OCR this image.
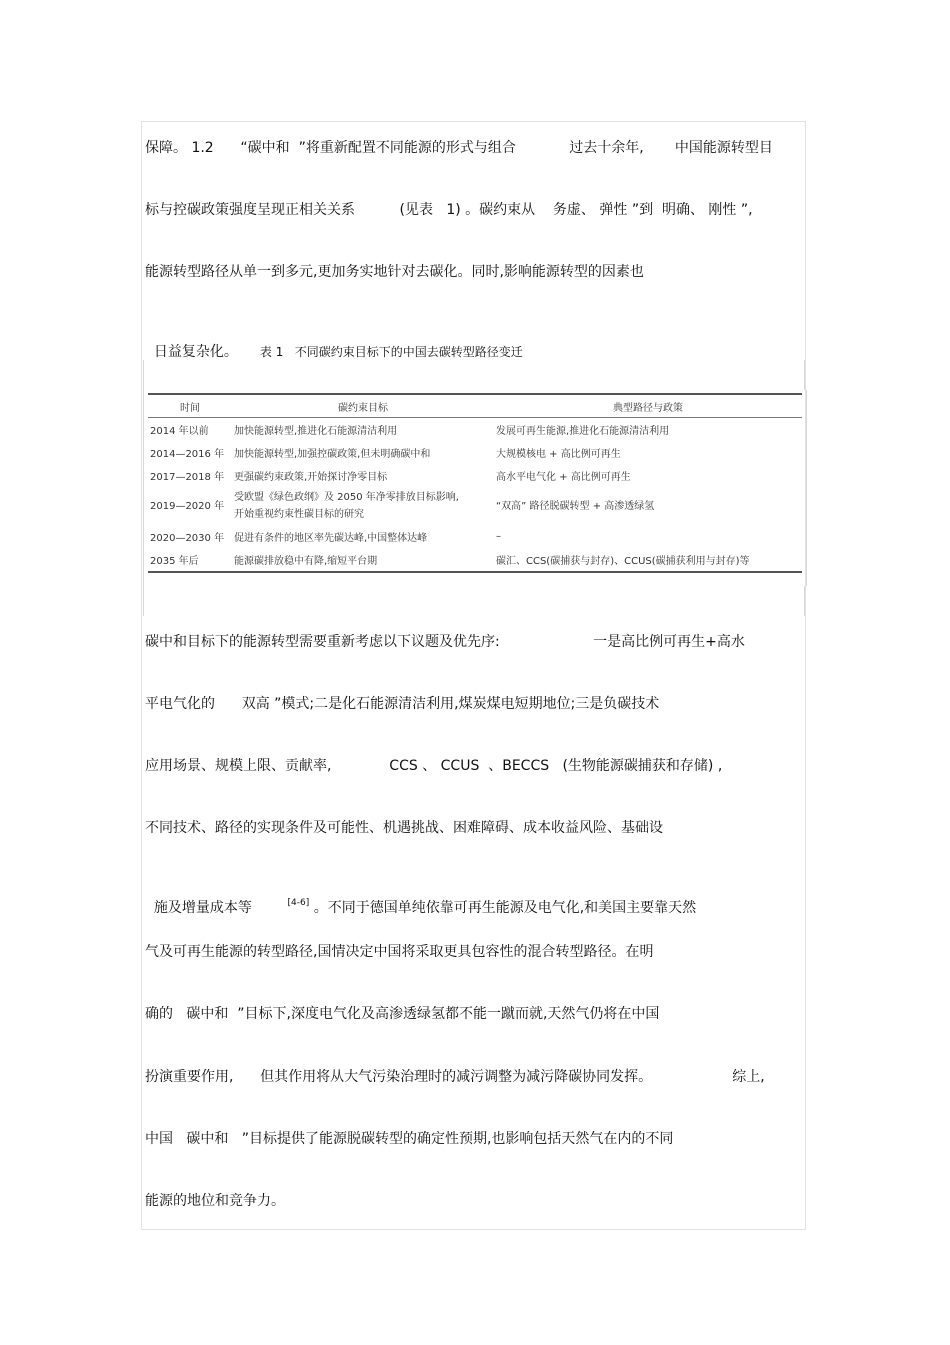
保障。 1.2      “碳中和  ”将重新配置不同能源的形式与组合            过去十余年,       中国能源转型目
标与控碳政策强度呈现正相关关系          (见表   1) 。碳约束从    务虚、 弹性 ”到  明确、 刚性 ”,
能源转型路径从单一到多元,更加务实地针对去碳化。同时,影响能源转型的因素也

日益复杂化。 表 1   不同碳约束目标下的中国去碳转型路径变迁

时间	碳约束目标	典型路径与政策
2014 年以前	加快能源转型,推进化石能源清洁利用	发展可再生能源,推进化石能源清洁利用
2014—2016 年	加快能源转型,加强控碳政策,但未明确碳中和	大规模核电 + 高比例可再生
2017—2018 年	更强碳约束政策,开始探讨净零目标	高水平电气化 + 高比例可再生
2019—2020 年	受欧盟《绿色政纲》及 2050 年净零排放目标影响,
开始重视约束性碳目标的研究	“双高” 路径脱碳转型 + 高渗透绿氢
2020—2030 年	促进有条件的地区率先碳达峰,中国整体达峰	–
2035 年后	能源碳排放稳中有降,缩短平台期	碳汇、CCS(碳捕获与封存)、CCUS(碳捕获利用与封存)等
碳中和目标下的能源转型需要重新考虑以下议题及优先序:                     一是高比例可再生+高水
平电气化的      双高 ”模式;二是化石能源清洁利用,煤炭煤电短期地位;三是负碳技术
应用场景、规模上限、贡献率,             CCS 、 CCUS  、BECCS   (生物能源碳捕获和存储) ,
不同技术、路径的实现条件及可能性、机遇挑战、困难障碍、成本收益风险、基础设

施及增量成本等        [4-6] 。不同于德国单纯依靠可再生能源及电气化,和美国主要靠天然

气及可再生能源的转型路径,国情决定中国将采取更具包容性的混合转型路径。在明
确的   碳中和  ”目标下,深度电气化及高渗透绿氢都不能一蹴而就,天然气仍将在中国
扮演重要作用,      但其作用将从大气污染治理时的减污调整为减污降碳协同发挥。                  综上,
中国   碳中和   ”目标提供了能源脱碳转型的确定性预期,也影响包括天然气在内的不同
能源的地位和竞争力。
